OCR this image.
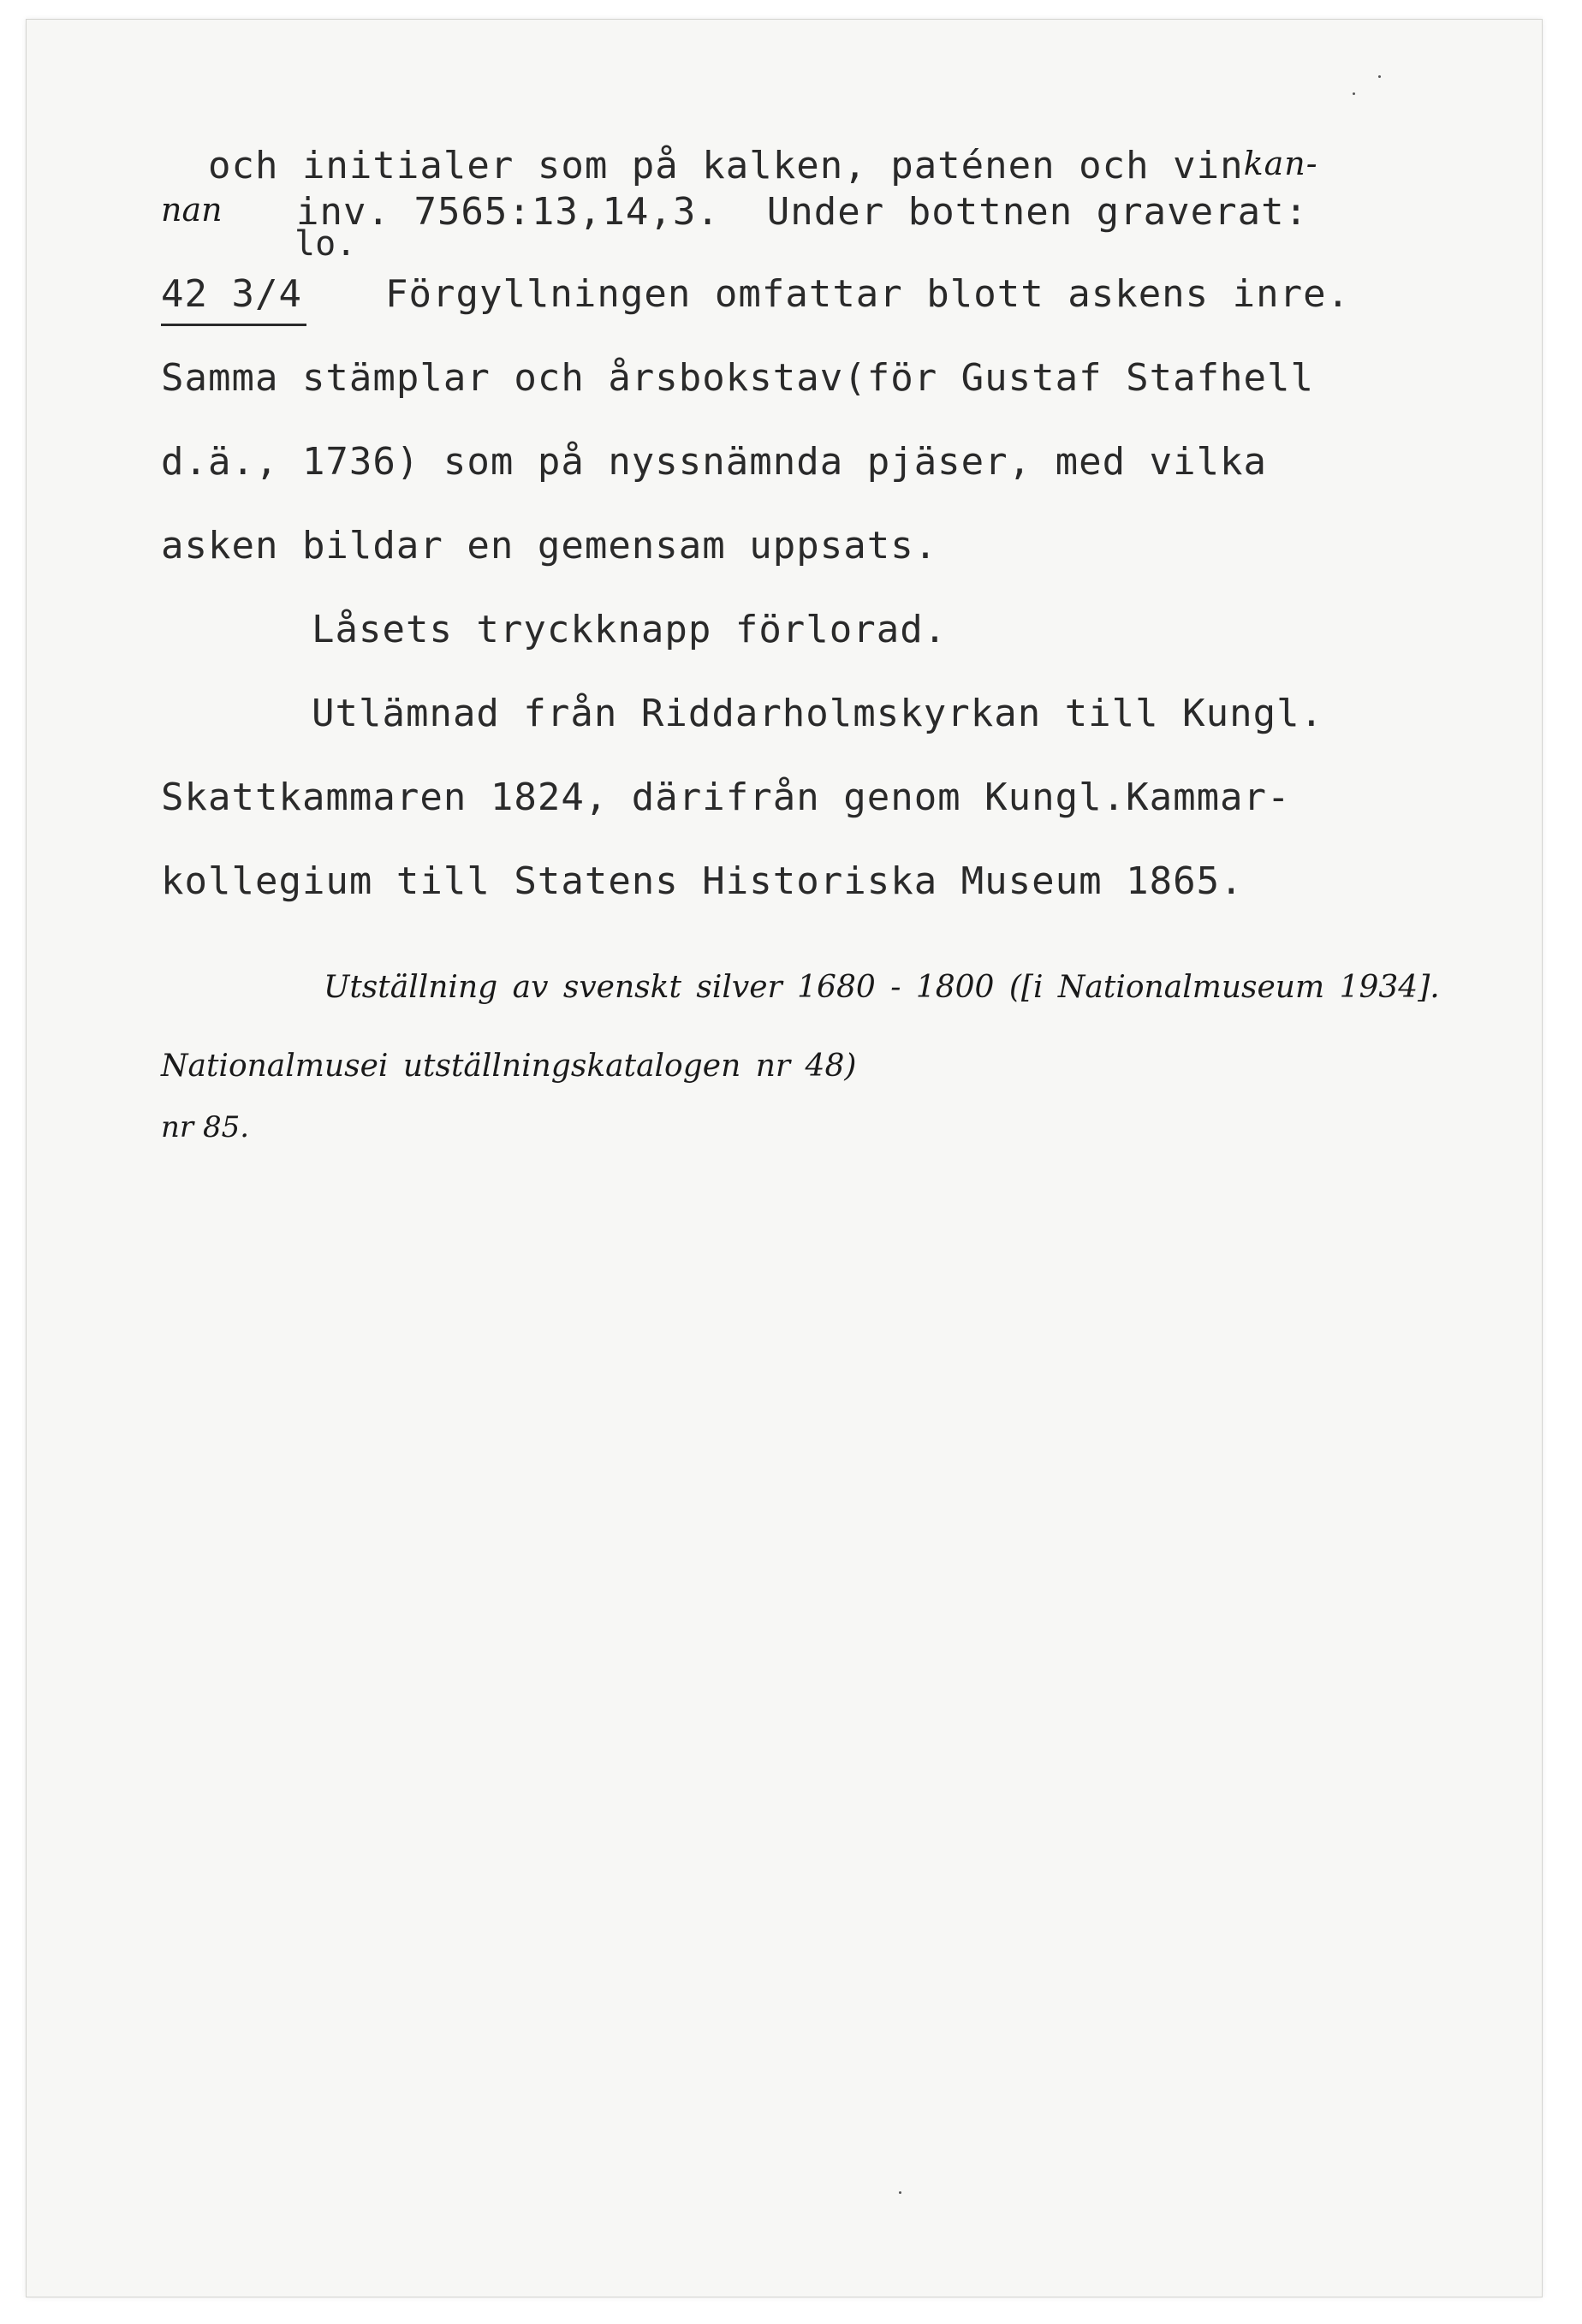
och initialer som på kalken, paténen och vinkan-

nan inv. 7565:13,14,3.  Under bottnen graverat:
lo.
42 3/4 Förgyllningen omfattar blott askens inre.
Samma stämplar och årsbokstav(för Gustaf Stafhell
d.ä., 1736) som på nyssnämnda pjäser, med vilka
asken bildar en gemensam uppsats.
Låsets tryckknapp förlorad.
Utlämnad från Riddarholmskyrkan till Kungl.
Skattkammaren 1824, därifrån genom Kungl.Kammar-
kollegium till Statens Historiska Museum 1865.
Utställning av svenskt silver 1680 - 1800 ([i Nationalmuseum 1934]. Nationalmusei utställningskatalogen nr 48)
nr 85.
